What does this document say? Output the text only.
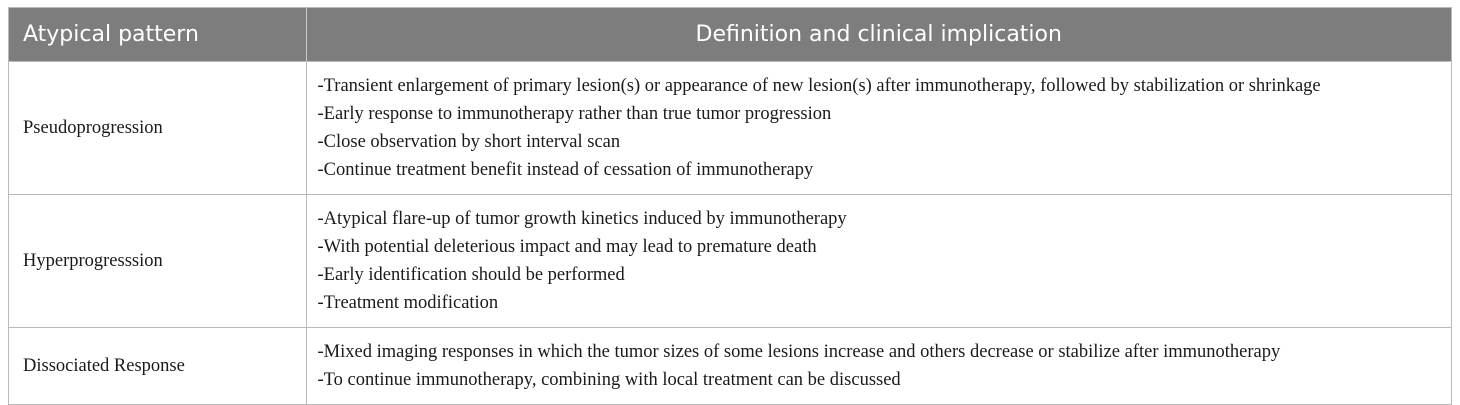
Atypical pattern	Definition and clinical implication
Pseudoprogression	-Transient enlargement of primary lesion(s) or appearance of new lesion(s) after immunotherapy, followed by stabilization or shrinkage
-Early response to immunotherapy rather than true tumor progression
-Close observation by short interval scan
-Continue treatment benefit instead of cessation of immunotherapy

Hyperprogresssion	-Atypical flare-up of tumor growth kinetics induced by immunotherapy
-With potential deleterious impact and may lead to premature death
-Early identification should be performed
-Treatment modification

Dissociated Response	-Mixed imaging responses in which the tumor sizes of some lesions increase and others decrease or stabilize after immunotherapy
-To continue immunotherapy, combining with local treatment can be discussed
